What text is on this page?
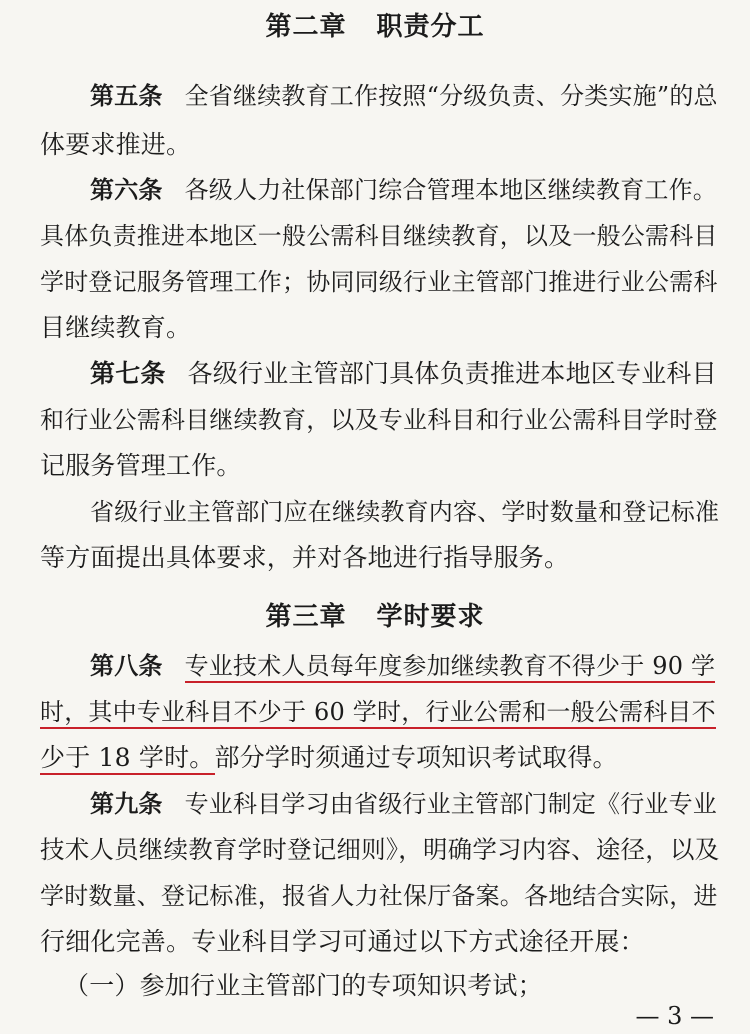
第二章 职责分工
第五条 全省继续教育工作按照“分级负责、分类实施”的总
体要求推进。
第六条 各级人力社保部门综合管理本地区继续教育工作。
具体负责推进本地区一般公需科目继续教育，以及一般公需科目
学时登记服务管理工作；协同同级行业主管部门推进行业公需科
目继续教育。
第七条 各级行业主管部门具体负责推进本地区专业科目
和行业公需科目继续教育，以及专业科目和行业公需科目学时登
记服务管理工作。
省级行业主管部门应在继续教育内容、学时数量和登记标准
等方面提出具体要求，并对各地进行指导服务。
第三章 学时要求
第八条 专业技术人员每年度参加继续教育不得少于 90 学
时，其中专业科目不少于 60 学时，行业公需和一般公需科目不
少于 18 学时。部分学时须通过专项知识考试取得。
第九条 专业科目学习由省级行业主管部门制定《行业专业
技术人员继续教育学时登记细则》，明确学习内容、途径，以及
学时数量、登记标准，报省人力社保厅备案。各地结合实际，进
行细化完善。专业科目学习可通过以下方式途径开展：
（一）参加行业主管部门的专项知识考试；
— 3 —
